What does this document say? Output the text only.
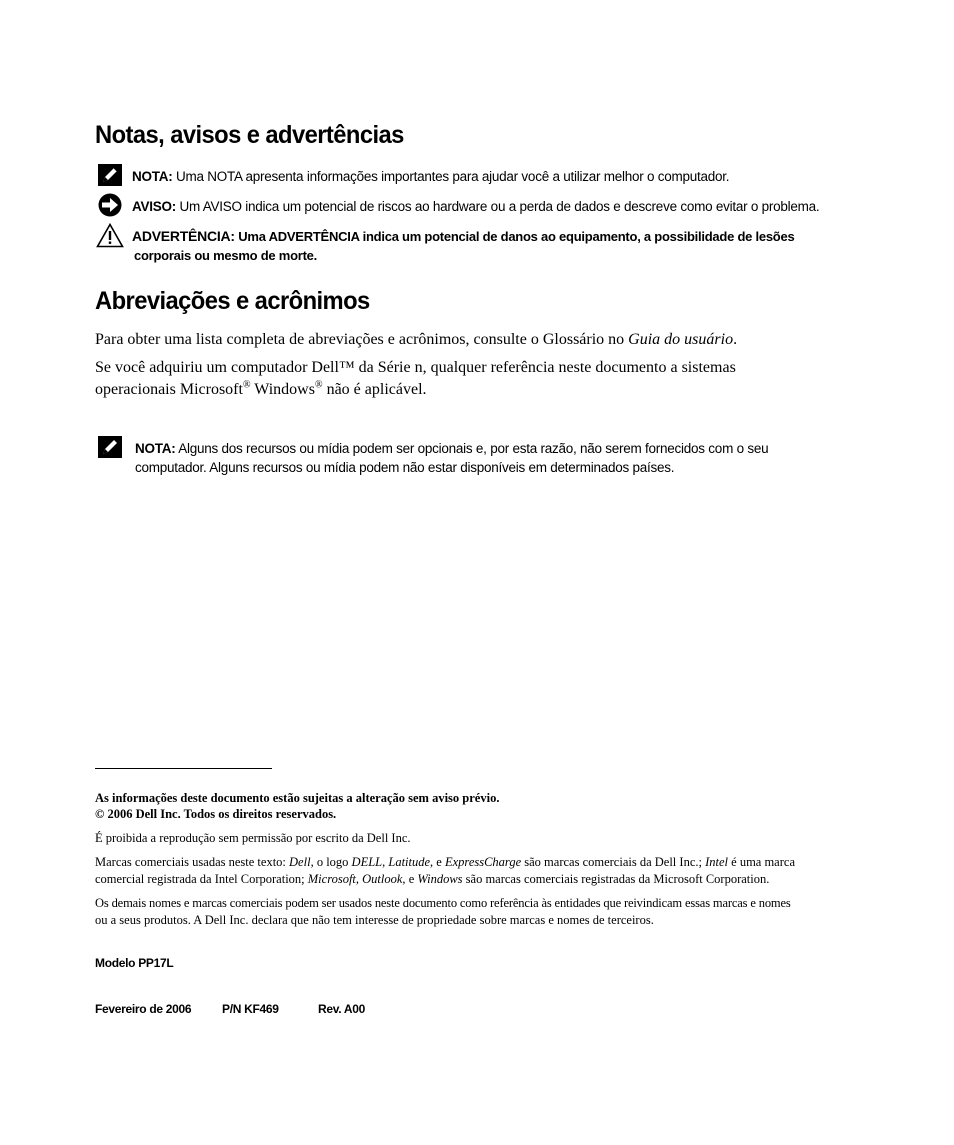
Notas, avisos e advertências
NOTA: Uma NOTA apresenta informações importantes para ajudar você a utilizar melhor o computador.
AVISO: Um AVISO indica um potencial de riscos ao hardware ou a perda de dados e descreve como evitar o problema.
ADVERTÊNCIA: Uma ADVERTÊNCIA indica um potencial de danos ao equipamento, a possibilidade de lesões
corporais ou mesmo de morte.
Abreviações e acrônimos
Para obter uma lista completa de abreviações e acrônimos, consulte o Glossário no Guia do usuário.
Se você adquiriu um computador Dell™ da Série n, qualquer referência neste documento a sistemas
operacionais Microsoft® Windows® não é aplicável.
NOTA: Alguns dos recursos ou mídia podem ser opcionais e, por esta razão, não serem fornecidos com o seu
computador. Alguns recursos ou mídia podem não estar disponíveis em determinados países.
As informações deste documento estão sujeitas a alteração sem aviso prévio.
© 2006 Dell Inc. Todos os direitos reservados.
É proibida a reprodução sem permissão por escrito da Dell Inc.
Marcas comerciais usadas neste texto: Dell, o logo DELL, Latitude, e ExpressCharge são marcas comerciais da Dell Inc.; Intel é uma marca
comercial registrada da Intel Corporation; Microsoft, Outlook, e Windows são marcas comerciais registradas da Microsoft Corporation.
Os demais nomes e marcas comerciais podem ser usados neste documento como referência às entidades que reivindicam essas marcas e nomes
ou a seus produtos. A Dell Inc. declara que não tem interesse de propriedade sobre marcas e nomes de terceiros.
Modelo PP17L
Fevereiro de 2006	P/N KF469	Rev. A00
